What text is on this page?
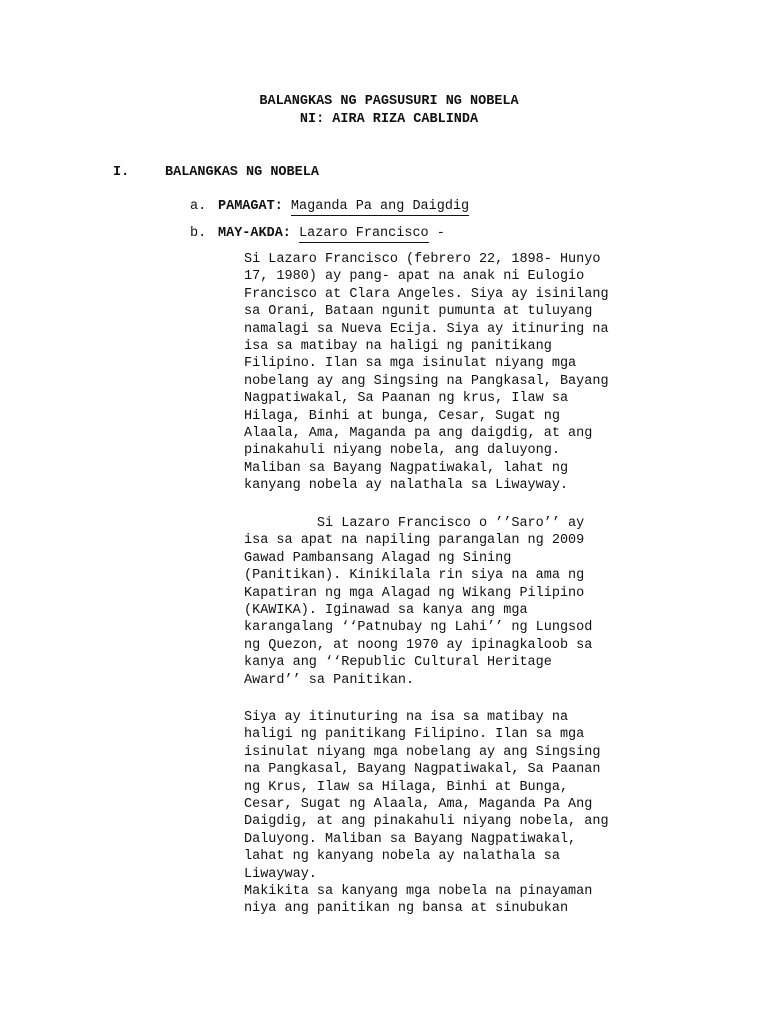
BALANGKAS NG PAGSUSURI NG NOBELA
NI: AIRA RIZA CABLINDA
I.	BALANGKAS NG NOBELA
a. PAMAGAT: Maganda Pa ang Daigdig
b. MAY-AKDA: Lazaro Francisco -

Si Lazaro Francisco (febrero 22, 1898- Hunyo

17, 1980) ay pang- apat na anak ni Eulogio

Francisco at Clara Angeles. Siya ay isinilang

sa Orani, Bataan ngunit pumunta at tuluyang

namalagi sa Nueva Ecija. Siya ay itinuring na

isa sa matibay na haligi ng panitikang

Filipino. Ilan sa mga isinulat niyang mga

nobelang ay ang Singsing na Pangkasal, Bayang

Nagpatiwakal, Sa Paanan ng krus, Ilaw sa

Hilaga, Binhi at bunga, Cesar, Sugat ng

Alaala, Ama, Maganda pa ang daigdig, at ang

pinakahuli niyang nobela, ang daluyong.

Maliban sa Bayang Nagpatiwakal, lahat ng

kanyang nobela ay nalathala sa Liwayway.

Si Lazaro Francisco o ’’Saro’’ ay

isa sa apat na napiling parangalan ng 2009

Gawad Pambansang Alagad ng Sining

(Panitikan). Kinikilala rin siya na ama ng

Kapatiran ng mga Alagad ng Wikang Pilipino

(KAWIKA). Iginawad sa kanya ang mga

karangalang ‘‘Patnubay ng Lahi’’ ng Lungsod

ng Quezon, at noong 1970 ay ipinagkaloob sa

kanya ang ‘‘Republic Cultural Heritage

Award’’ sa Panitikan.

Siya ay itinuturing na isa sa matibay na

haligi ng panitikang Filipino. Ilan sa mga

isinulat niyang mga nobelang ay ang Singsing

na Pangkasal, Bayang Nagpatiwakal, Sa Paanan

ng Krus, Ilaw sa Hilaga, Binhi at Bunga,

Cesar, Sugat ng Alaala, Ama, Maganda Pa Ang

Daigdig, at ang pinakahuli niyang nobela, ang

Daluyong. Maliban sa Bayang Nagpatiwakal,

lahat ng kanyang nobela ay nalathala sa

Liwayway.

Makikita sa kanyang mga nobela na pinayaman

niya ang panitikan ng bansa at sinubukan
